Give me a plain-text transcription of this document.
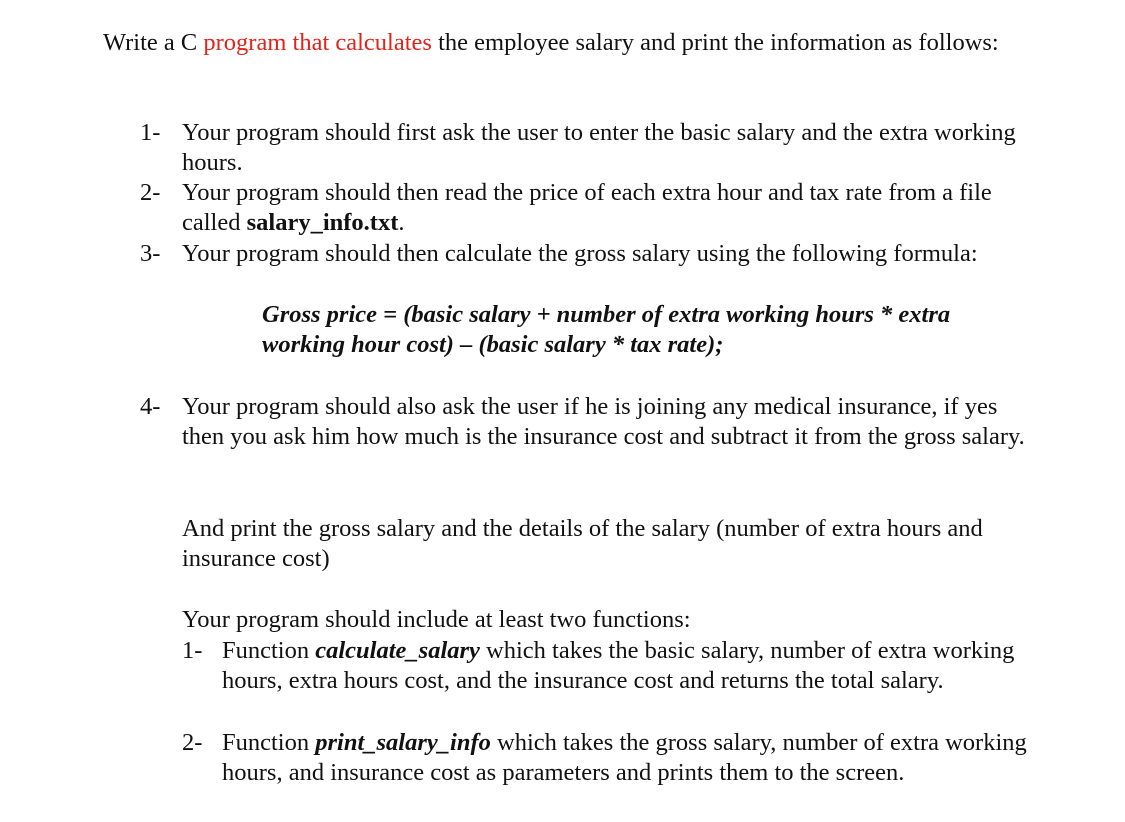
Write a C program that calculates the employee salary and print the information as follows:
1- Your program should first ask the user to enter the basic salary and the extra working hours.
2- Your program should then read the price of each extra hour and tax rate from a file called salary_info.txt.
3- Your program should then calculate the gross salary using the following formula:
Gross price = (basic salary + number of extra working hours * extra
working hour cost) – (basic salary * tax rate);
4- Your program should also ask the user if he is joining any medical insurance, if yes then you ask him how much is the insurance cost and subtract it from the gross salary.
And print the gross salary and the details of the salary (number of extra hours and insurance cost)
Your program should include at least two functions:
1- Function calculate_salary which takes the basic salary, number of extra working hours, extra hours cost, and the insurance cost and returns the total salary.
2- Function print_salary_info which takes the gross salary, number of extra working hours, and insurance cost as parameters and prints them to the screen.
